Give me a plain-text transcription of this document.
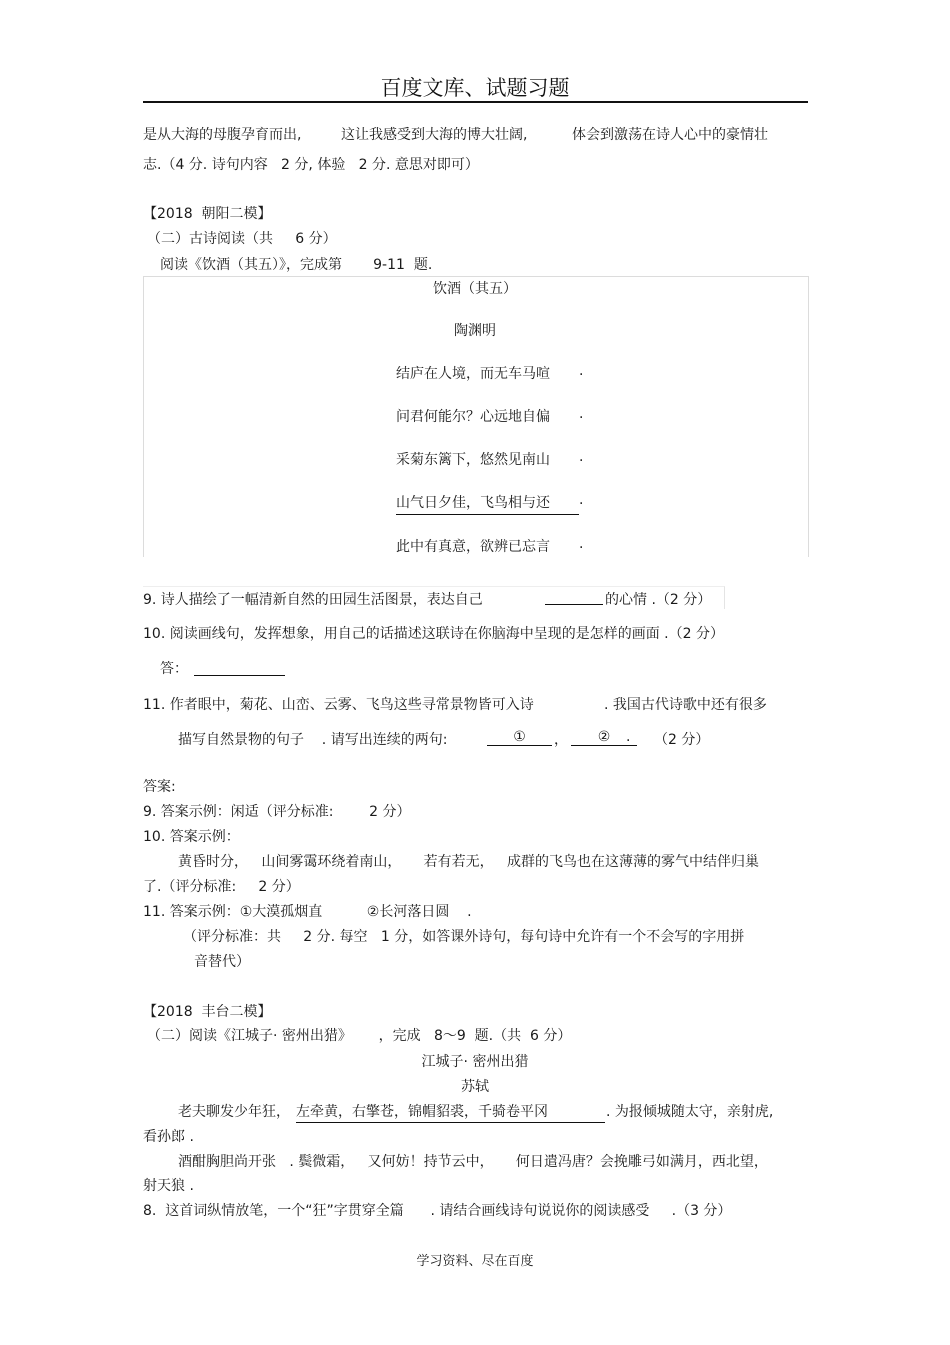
百度文库、试题习题
是从大海的母腹孕育而出,	这让我感受到大海的博大壮阔,	体会到激荡在诗人心中的豪情壮
志.（4 分. 诗句内容   2 分, 体验   2 分. 意思对即可）
【2018  朝阳二模】
（二）古诗阅读（共     6 分）
阅读《饮酒（其五）》，完成第       9-11  题.
饮酒（其五）
陶渊明
结庐在人境，而无车马喧 .
问君何能尔？心远地自偏 .
采菊东篱下，悠然见南山 .
山气日夕佳，飞鸟相与还	.
此中有真意，欲辨已忘言 .
9. 诗人描绘了一幅清新自然的田园生活图景，表达自己	的心情 .（2 分）
10. 阅读画线句，发挥想象，用自己的话描述这联诗在你脑海中呈现的是怎样的画面 .（2 分）
答：
11. 作者眼中，菊花、山峦、云雾、飞鸟这些寻常景物皆可入诗	. 我国古代诗歌中还有很多
描写自然景物的句子    . 请写出连续的两句:	①	，	②	. （2 分）
答案:
9. 答案示例：闲适（评分标准:        2 分）
10. 答案示例：
黄昏时分，   山间雾霭环绕着南山，     若有若无，   成群的飞鸟也在这薄薄的雾气中结伴归巢
了.（评分标准:     2 分）
11. 答案示例：①大漠孤烟直          ②长河落日圆    .
（评分标准：共     2 分. 每空   1 分，如答课外诗句，每句诗中允许有一个不会写的字用拼
音替代）
【2018  丰台二模】
（二）阅读《江城子· 密州出猎》      ，完成   8～9  题.（共  6 分）
江城子· 密州出猎
苏轼
老夫聊发少年狂， 左牵黄，右擎苍，锦帽貂裘，千骑卷平冈	. 为报倾城随太守，亲射虎,
看孙郎 .
酒酣胸胆尚开张   . 鬓微霜，   又何妨！持节云中，     何日遣冯唐？会挽雕弓如满月，西北望，
射天狼 .
8.  这首词纵情放笔，一个“狂”字贯穿全篇      . 请结合画线诗句说说你的阅读感受     .（3 分）
学习资料、尽在百度
